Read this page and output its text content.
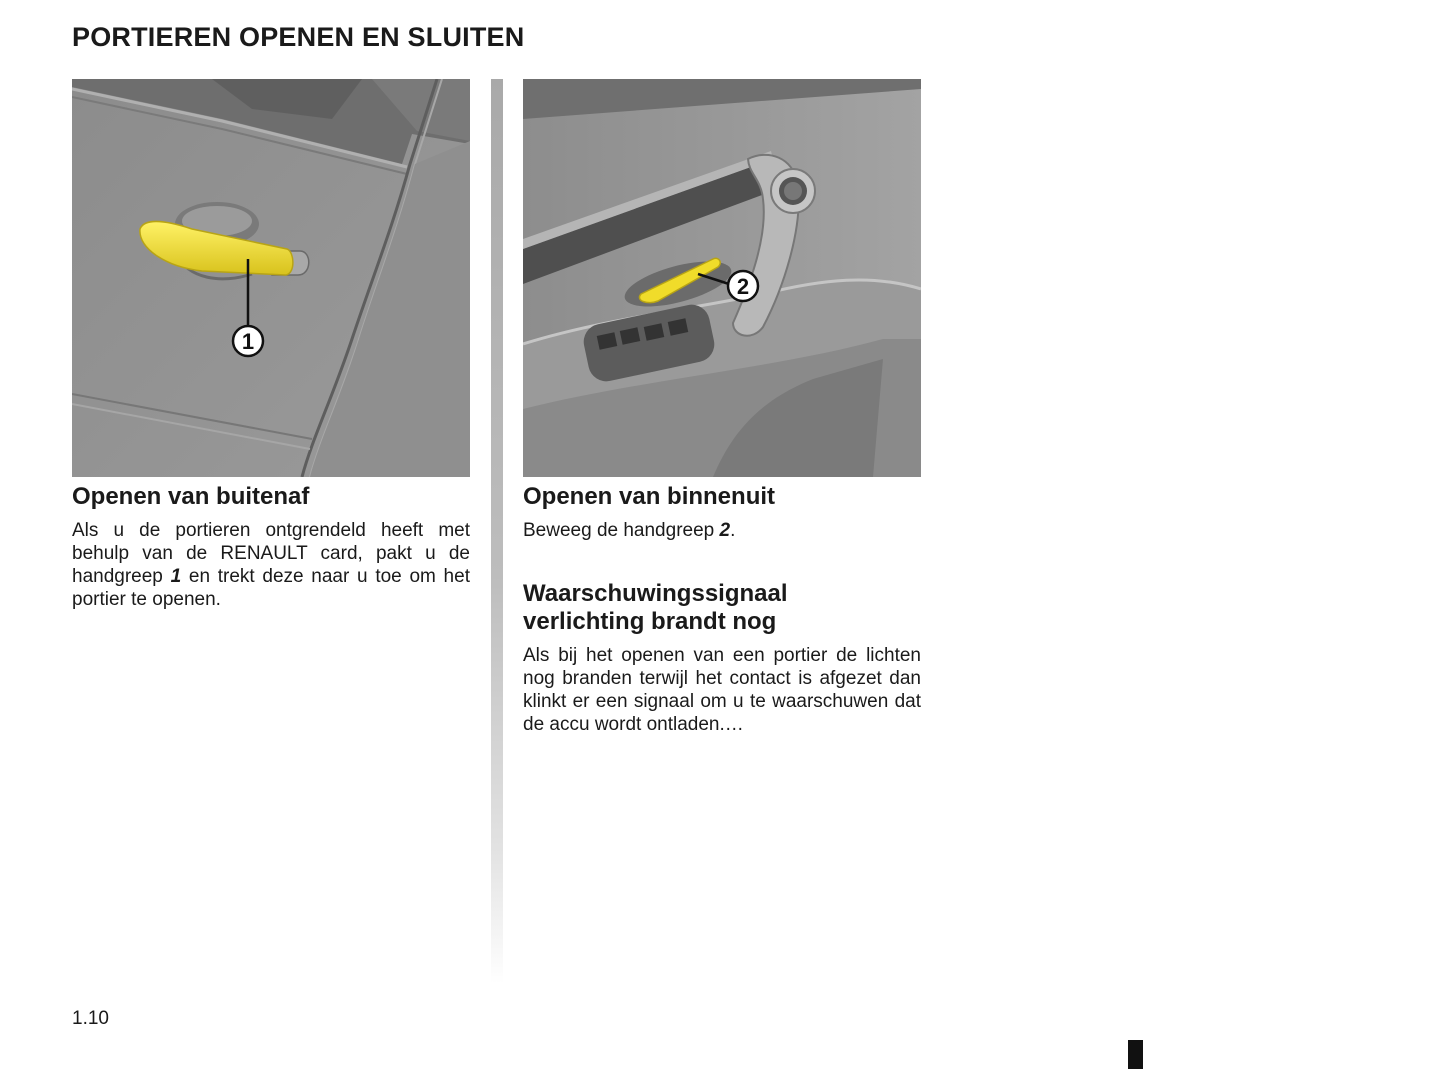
PORTIEREN OPENEN EN SLUITEN
1
Openen van buitenaf

Als u de portieren ontgrendeld heeft met behulp van de RENAULT card, pakt u de handgreep 1 en trekt deze naar u toe om het portier te openen.

2
Openen van binnenuit

Beweeg de handgreep 2.

Waarschuwingssignaal
verlichting brandt nog

Als bij het openen van een portier de lichten nog branden terwijl het contact is afgezet dan klinkt er een signaal om u te waarschuwen dat de accu wordt ontladen.…

1.10
